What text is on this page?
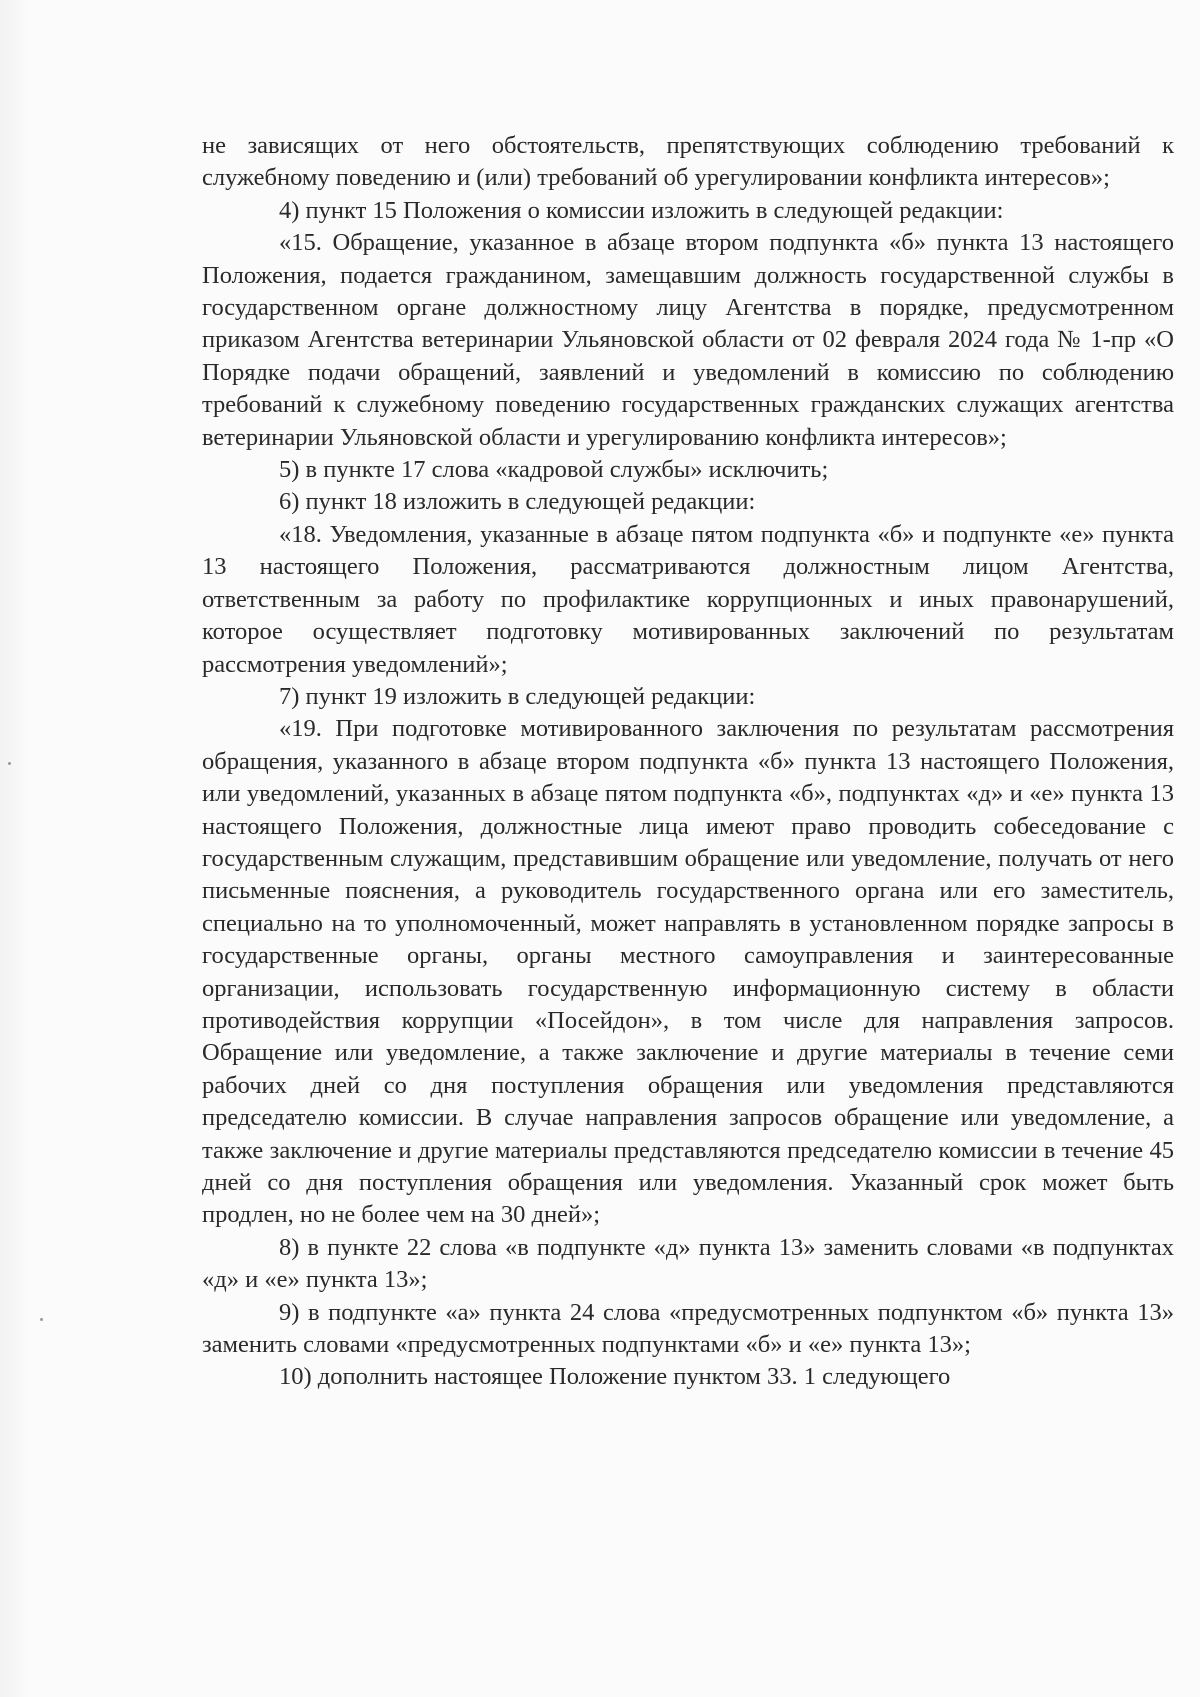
не зависящих от него обстоятельств, препятствующих соблюдению требований к служебному поведению и (или) требований об урегулировании конфликта интересов»;

4) пункт 15 Положения о комиссии изложить в следующей редакции:

«15. Обращение, указанное в абзаце втором подпункта «б» пункта 13 настоящего Положения, подается гражданином, замещавшим должность государственной службы в государственном органе должностному лицу Агентства в порядке, предусмотренном приказом Агентства ветеринарии Ульяновской области от 02 февраля 2024 года № 1-пр «О Порядке подачи обращений, заявлений и уведомлений в комиссию по соблюдению требований к служебному поведению государственных гражданских служащих агентства ветеринарии Ульяновской области и урегулированию конфликта интересов»;

5) в пункте 17 слова «кадровой службы» исключить;

6) пункт 18 изложить в следующей редакции:

«18. Уведомления, указанные в абзаце пятом подпункта «б» и подпункте «е» пункта 13 настоящего Положения, рассматриваются должностным лицом Агентства, ответственным за работу по профилактике коррупционных и иных правонарушений, которое осуществляет подготовку мотивированных заключений по результатам рассмотрения уведомлений»;

7) пункт 19 изложить в следующей редакции:

«19. При подготовке мотивированного заключения по результатам рассмотрения обращения, указанного в абзаце втором подпункта «б» пункта 13 настоящего Положения, или уведомлений, указанных в абзаце пятом подпункта «б», подпунктах «д» и «е» пункта 13 настоящего Положения, должностные лица имеют право проводить собеседование с государственным служащим, представившим обращение или уведомление, получать от него письменные пояснения, а руководитель государственного органа или его заместитель, специально на то уполномоченный, может направлять в установленном порядке запросы в государственные органы, органы местного самоуправления и заинтересованные организации, использовать государственную информационную систему в области противодействия коррупции «Посейдон», в том числе для направления запросов. Обращение или уведомление, а также заключение и другие материалы в течение семи рабочих дней со дня поступления обращения или уведомления представляются председателю комиссии. В случае направления запросов обращение или уведомление, а также заключение и другие материалы представляются председателю комиссии в течение 45 дней со дня поступления обращения или уведомления. Указанный срок может быть продлен, но не более чем на 30 дней»;

8) в пункте 22 слова «в подпункте «д» пункта 13» заменить словами «в подпунктах «д» и «е» пункта 13»;

9) в подпункте «а» пункта 24 слова «предусмотренных подпунктом «б» пункта 13» заменить словами «предусмотренных подпунктами «б» и «е» пункта 13»;

10) дополнить настоящее Положение пунктом 33. 1 следующего
